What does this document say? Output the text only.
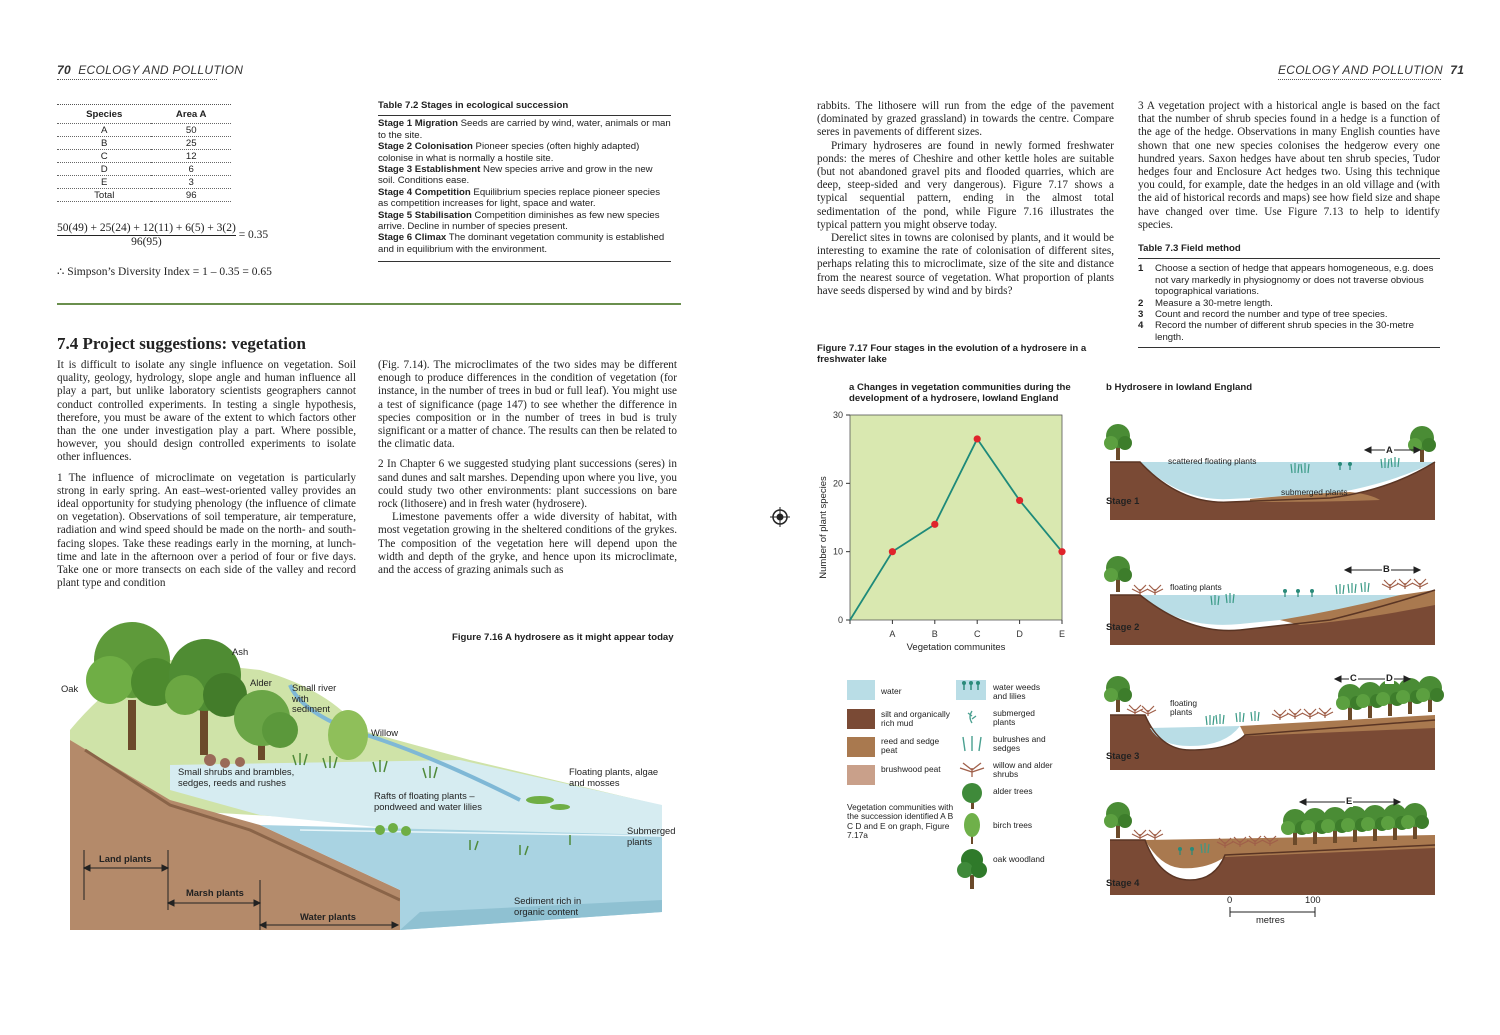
70 ECOLOGY AND POLLUTION
Species	Area A
A	50
B	25
C	12
D	6
E	3
Total	96
$\frac{50(49) + 25(24) + 12(11) + 6(5) + 3(2)}{96(95)} = 0.35$
∴ Simpson’s Diversity Index = 1 – 0.35 = 0.65
Table 7.2 Stages in ecological succession
Stage 1 Migration Seeds are carried by wind, water, animals or man to the site.
Stage 2 Colonisation Pioneer species (often highly adapted) colonise in what is normally a hostile site.
Stage 3 Establishment New species arrive and grow in the new soil. Conditions ease.
Stage 4 Competition Equilibrium species replace pioneer species as competition increases for light, space and water.
Stage 5 Stabilisation Competition diminishes as few new species arrive. Decline in number of species present.
Stage 6 Climax The dominant vegetation community is established and in equilibrium with the environment.
7.4 Project suggestions: vegetation

It is difficult to isolate any single influence on vegetation. Soil quality, geology, hydrology, slope angle and human influence all play a part, but unlike laboratory scientists geographers cannot conduct controlled experiments. In testing a single hypothesis, therefore, you must be aware of the extent to which factors other than the one under investigation play a part. Where possible, however, you should design controlled experiments to isolate other influences.

1 The influence of microclimate on vegetation is particularly strong in early spring. An east–west-oriented valley provides an ideal opportunity for studying phenology (the influence of climate on vegetation). Observations of soil temperature, air temperature, radiation and wind speed should be made on the north- and south-facing slopes. Take these readings early in the morning, at lunch-time and late in the afternoon over a period of four or five days. Take one or more transects on each side of the valley and record plant type and condition

(Fig. 7.14). The microclimates of the two sides may be different enough to produce differences in the condition of vegetation (for instance, in the number of trees in bud or full leaf). You might use a test of significance (page 147) to see whether the difference in species composition or in the number of trees in bud is truly significant or a matter of chance. The results can then be related to the climatic data.

2 In Chapter 6 we suggested studying plant successions (seres) in sand dunes and salt marshes. Depending upon where you live, you could study two other environments: plant successions on bare rock (lithosere) and in fresh water (hydrosere).

Limestone pavements offer a wide diversity of habitat, with most vegetation growing in the sheltered conditions of the grykes. The composition of the vegetation here will depend upon the width and depth of the gryke, and hence upon its microclimate, and the access of grazing animals such as

Figure 7.16 A hydrosere as it might appear today
Ash
Oak
Alder Small river with sediment
Willow
Small shrubs and brambles, sedges, reeds and rushes
Floating plants, algae and mosses
Rafts of floating plants – pondweed and water lilies
Submerged plants
Sediment rich in organic content
Land plants
Marsh plants
Water plants
ECOLOGY AND POLLUTION 71

rabbits. The lithosere will run from the edge of the pavement (dominated by grazed grassland) in towards the centre. Compare seres in pavements of different sizes.

Primary hydroseres are found in newly formed freshwater ponds: the meres of Cheshire and other kettle holes are suitable (but not abandoned gravel pits and flooded quarries, which are deep, steep-sided and very dangerous). Figure 7.17 shows a typical sequential pattern, ending in the almost total sedimentation of the pond, while Figure 7.16 illustrates the typical pattern you might observe today.

Derelict sites in towns are colonised by plants, and it would be interesting to examine the rate of colonisation of different sites, perhaps relating this to microclimate, size of the site and distance from the nearest source of vegetation. What proportion of plants have seeds dispersed by wind and by birds?

3 A vegetation project with a historical angle is based on the fact that the number of shrub species found in a hedge is a function of the age of the hedge. Observations in many English counties have shown that one new species colonises the hedgerow every one hundred years. Saxon hedges have about ten shrub species, Tudor hedges four and Enclosure Act hedges two. Using this technique you could, for example, date the hedges in an old village and (with the aid of historical records and maps) see how field size and shape have changed over time. Use Figure 7.13 to help to identify species.

Table 7.3 Field method
1	Choose a section of hedge that appears homogeneous, e.g. does not vary markedly in physiognomy or does not traverse obvious topographical variations.
2	Measure a 30-metre length.
3	Count and record the number and type of tree species.
4	Record the number of different shrub species in the 30-metre length.
Figure 7.17 Four stages in the evolution of a hydrosere in a freshwater lake
a Changes in vegetation communities during the development of a hydrosere, lowland England
b Hydrosere in lowland England
0
10
20
30
A	B	C	D	E
Vegetation communites
Number of plant species
water
silt and organically rich mud
reed and sedge peat
brushwood peat
Vegetation communities with the succession identified A B C D and E on graph, Figure 7.17a
water weeds and lilies
submerged plants
bulrushes and sedges
willow and alder shrubs
alder trees
birch trees
oak woodland
Stage 1
Stage 2
Stage 3
Stage 4
scattered floating plants
submerged plants
floating plants
floating plants
A
B
C	D
E
0	100
metres
